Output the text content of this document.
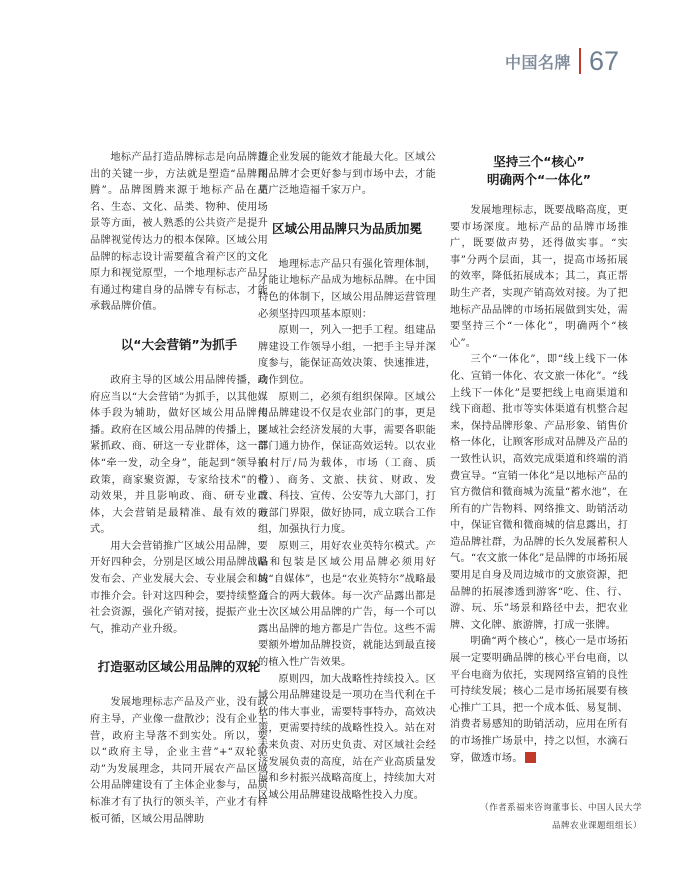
中国名牌 67

地标产品打造品牌标志是向品牌迈出的关键一步，方法就是塑造“品牌图腾”。品牌图腾来源于地标产品在品名、生态、文化、品类、物种、使用场景等方面，被人熟悉的公共资产是提升品牌视觉传达力的根本保障。区域公用品牌的标志设计需要蕴含着产区的文化原力和视觉原型，一个地理标志产品只有通过构建自身的品牌专有标志，才能承载品牌价值。

以“大会营销”为抓手

政府主导的区域公用品牌传播，政府应当以“大会营销”为抓手，以其他媒体手段为辅助，做好区域公用品牌传播。政府在区域公用品牌的传播上，要紧抓政、商、研这一专业群体，这一群体“牵一发，动全身”，能起到“领导拍政策，商家聚资源，专家给技术”的带动效果，并且影响政、商、研专业群体，大会营销是最精准、最有效的方式。

用大会营销推广区域公用品牌，要开好四种会，分别是区域公用品牌战略发布会、产业发展大会、专业展会和城市推介会。针对这四种会，要持续整合社会资源，强化产销对接，提振产业士气，推动产业升级。

打造驱动区域公用品牌的双轮

发展地理标志产品及产业，没有政府主导，产业像一盘散沙；没有企业主营，政府主导落不到实处。所以，要以“政府主导，企业主营”+“双轮驱动”为发展理念，共同开展农产品区域公用品牌建设有了主体企业参与，品质标准才有了执行的领头羊，产业才有样板可循，区域公用品牌助

推企业发展的能效才能最大化。区域公用品牌才会更好参与到市场中去，才能更广泛地造福千家万户。

区域公用品牌只为品质加冕

地理标志产品只有强化管理体制，才能让地标产品成为地标品牌。在中国特色的体制下，区域公用品牌运营管理必须坚持四项基本原则：

原则一，列入一把手工程。组建品牌建设工作领导小组，一把手主导并深度参与，能保证高效决策、快速推进，动作到位。

原则二，必须有组织保障。区域公用品牌建设不仅是农业部门的事，更是区域社会经济发展的大事，需要各职能部门通力协作，保证高效运转。以农业农村厅/局为载体，市场（工商、质检）、商务、文旅、扶贫、财政、发改、科技、宣传、公安等九大部门，打破部门界限，做好协同，成立联合工作组，加强执行力度。

原则三，用好农业英特尔模式。产品和包装是区域公用品牌必须用好的“自媒体”，也是“农业英特尔”战略最适合的两大载体。每一次产品露出都是一次区域公用品牌的广告，每一个可以露出品牌的地方都是广告位。这些不需要额外增加品牌投资，就能达到最直接的植入性广告效果。

原则四，加大战略性持续投入。区域公用品牌建设是一项功在当代利在千秋的伟大事业，需要特事特办，高效决策，更需要持续的战略性投入。站在对未来负责、对历史负责、对区域社会经济发展负责的高度，站在产业高质量发展和乡村振兴战略高度上，持续加大对区域公用品牌建设战略性投入力度。

坚持三个“核心”
明确两个“一体化”

发展地理标志，既要战略高度，更要市场深度。地标产品的品牌市场推广，既要做声势，还得做实事。“实事”分两个层面，其一，提高市场拓展的效率，降低拓展成本；其二，真正帮助生产者，实现产销高效对接。为了把地标产品品牌的市场拓展做到实处，需要坚持三个“一体化”，明确两个“核心”。

三个“一体化”，即“线上线下一体化、宣销一体化、农文旅一体化”。“线上线下一体化”是要把线上电商渠道和线下商超、批市等实体渠道有机整合起来，保持品牌形象、产品形象、销售价格一体化，让顾客形成对品牌及产品的一致性认识，高效完成渠道和终端的消费宣导。“宣销一体化”是以地标产品的官方微信和微商城为流量“蓄水池”，在所有的广告物料、网络推文、助销活动中，保证官微和微商城的信息露出，打造品牌社群，为品牌的长久发展蓄积人气。“农文旅一体化”是品牌的市场拓展要用足自身及周边城市的文旅资源，把品牌的拓展渗透到游客“吃、住、行、游、玩、乐”场景和路径中去，把农业牌、文化牌、旅游牌，打成一张牌。

明确“两个核心”，核心一是市场拓展一定要明确品牌的核心平台电商，以平台电商为依托，实现网络宣销的良性可持续发展；核心二是市场拓展要有核心推广工具，把一个成本低、易复制、消费者易感知的助销活动，应用在所有的市场推广场景中，持之以恒，水滴石穿，做透市场。	T

（作者系福来咨询董事长、中国人民大学
品牌农业课题组组长）
